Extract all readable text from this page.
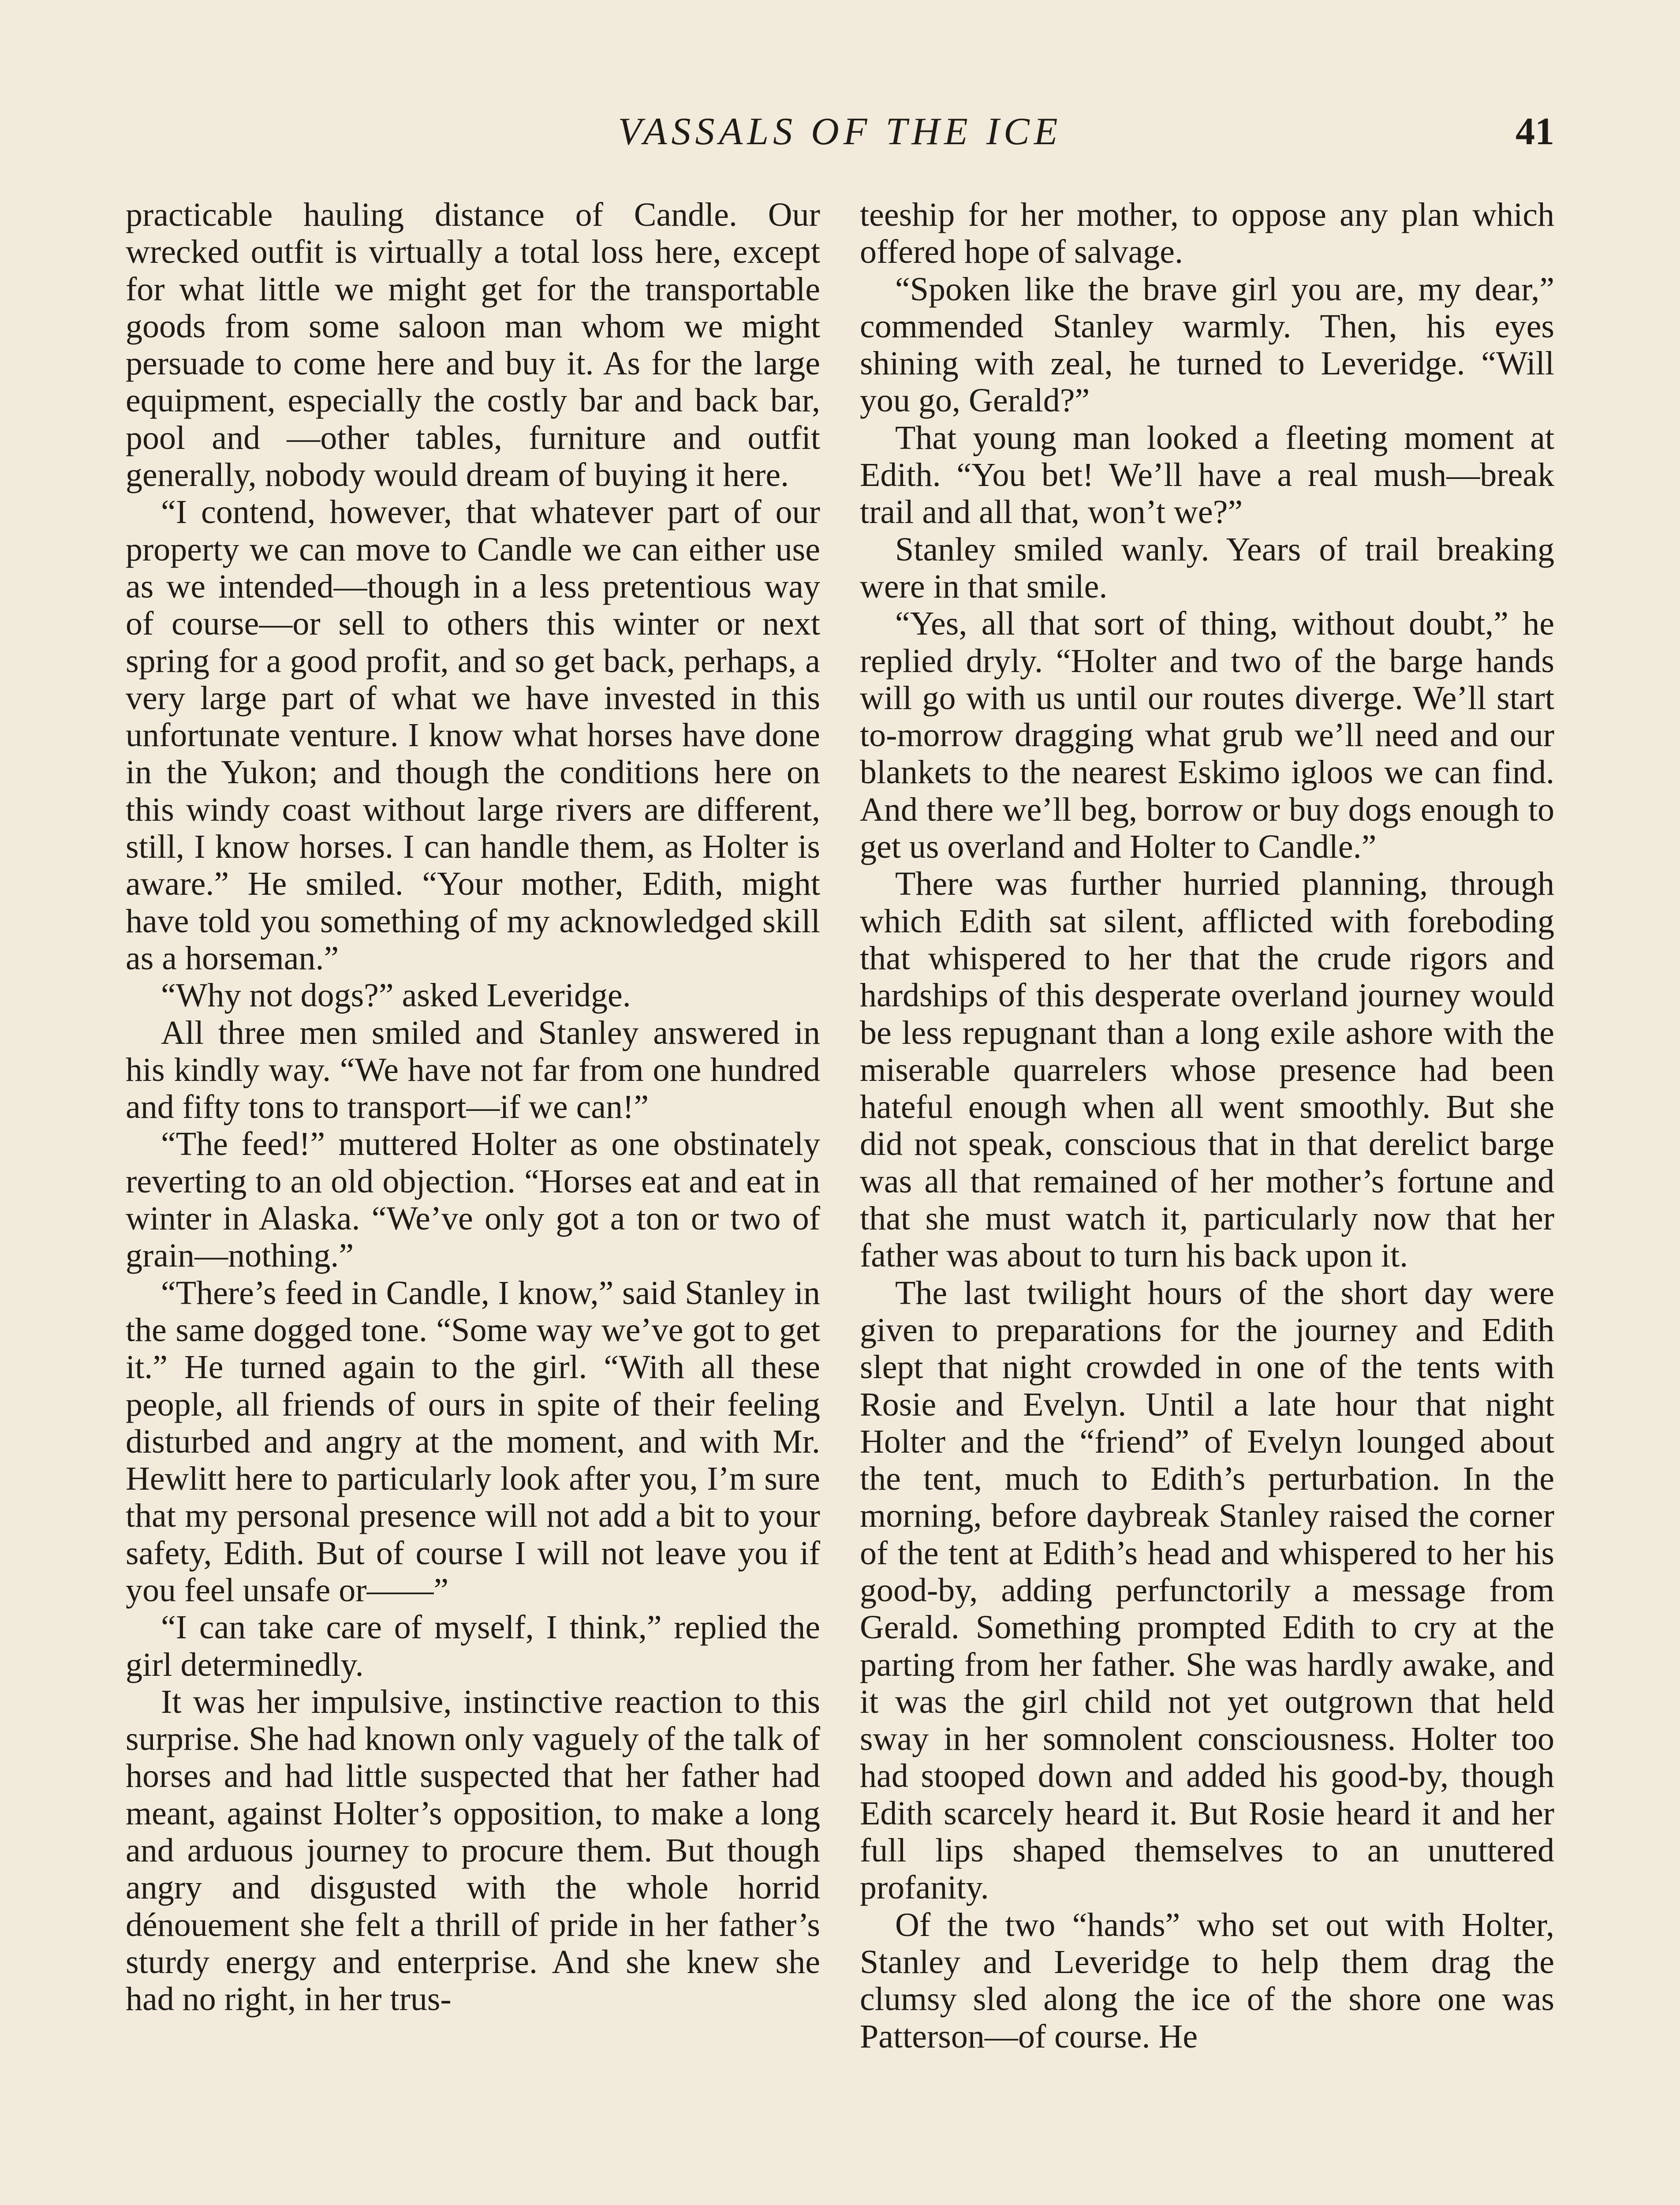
VASSALS OF THE ICE	41

practicable hauling distance of Candle. Our wrecked outfit is virtually a total loss here, except for what little we might get for the transportable goods from some saloon man whom we might persuade to come here and buy it. As for the large equipment, especially the costly bar and back bar, pool and —other tables, furniture and outfit generally, nobody would dream of buying it here.

“I contend, however, that whatever part of our property we can move to Candle we can either use as we intended—though in a less pretentious way of course—or sell to others this winter or next spring for a good profit, and so get back, perhaps, a very large part of what we have invested in this unfortunate venture. I know what horses have done in the Yukon; and though the conditions here on this windy coast without large rivers are different, still, I know horses. I can handle them, as Holter is aware.” He smiled. “Your mother, Edith, might have told you something of my acknowledged skill as a horseman.”

“Why not dogs?” asked Leveridge.

All three men smiled and Stanley answered in his kindly way. “We have not far from one hundred and fifty tons to transport—if we can!”

“The feed!” muttered Holter as one obstinately reverting to an old objection. “Horses eat and eat in winter in Alaska. “We’ve only got a ton or two of grain—nothing.”

“There’s feed in Candle, I know,” said Stanley in the same dogged tone. “Some way we’ve got to get it.” He turned again to the girl. “With all these people, all friends of ours in spite of their feeling disturbed and angry at the moment, and with Mr. Hewlitt here to particularly look after you, I’m sure that my personal presence will not add a bit to your safety, Edith. But of course I will not leave you if you feel unsafe or——”

“I can take care of myself, I think,” replied the girl determinedly.

It was her impulsive, instinctive reaction to this surprise. She had known only vaguely of the talk of horses and had little suspected that her father had meant, against Holter’s opposition, to make a long and arduous journey to procure them. But though angry and disgusted with the whole horrid dénouement she felt a thrill of pride in her father’s sturdy energy and enterprise. And she knew she had no right, in her trus-

teeship for her mother, to oppose any plan which offered hope of salvage.

“Spoken like the brave girl you are, my dear,” commended Stanley warmly. Then, his eyes shining with zeal, he turned to Leveridge. “Will you go, Gerald?”

That young man looked a fleeting moment at Edith. “You bet! We’ll have a real mush—break trail and all that, won’t we?”

Stanley smiled wanly. Years of trail breaking were in that smile.

“Yes, all that sort of thing, without doubt,” he replied dryly. “Holter and two of the barge hands will go with us until our routes diverge. We’ll start to-morrow dragging what grub we’ll need and our blankets to the nearest Eskimo igloos we can find. And there we’ll beg, borrow or buy dogs enough to get us overland and Holter to Candle.”

There was further hurried planning, through which Edith sat silent, afflicted with foreboding that whispered to her that the crude rigors and hardships of this desperate overland journey would be less repugnant than a long exile ashore with the miserable quarrelers whose presence had been hateful enough when all went smoothly. But she did not speak, conscious that in that derelict barge was all that remained of her mother’s fortune and that she must watch it, particularly now that her father was about to turn his back upon it.

The last twilight hours of the short day were given to preparations for the journey and Edith slept that night crowded in one of the tents with Rosie and Evelyn. Until a late hour that night Holter and the “friend” of Evelyn lounged about the tent, much to Edith’s perturbation. In the morning, before daybreak Stanley raised the corner of the tent at Edith’s head and whispered to her his good-by, adding perfunctorily a message from Gerald. Something prompted Edith to cry at the parting from her father. She was hardly awake, and it was the girl child not yet outgrown that held sway in her somnolent consciousness. Holter too had stooped down and added his good-by, though Edith scarcely heard it. But Rosie heard it and her full lips shaped themselves to an unuttered profanity.

Of the two “hands” who set out with Holter, Stanley and Leveridge to help them drag the clumsy sled along the ice of the shore one was Patterson—of course. He
